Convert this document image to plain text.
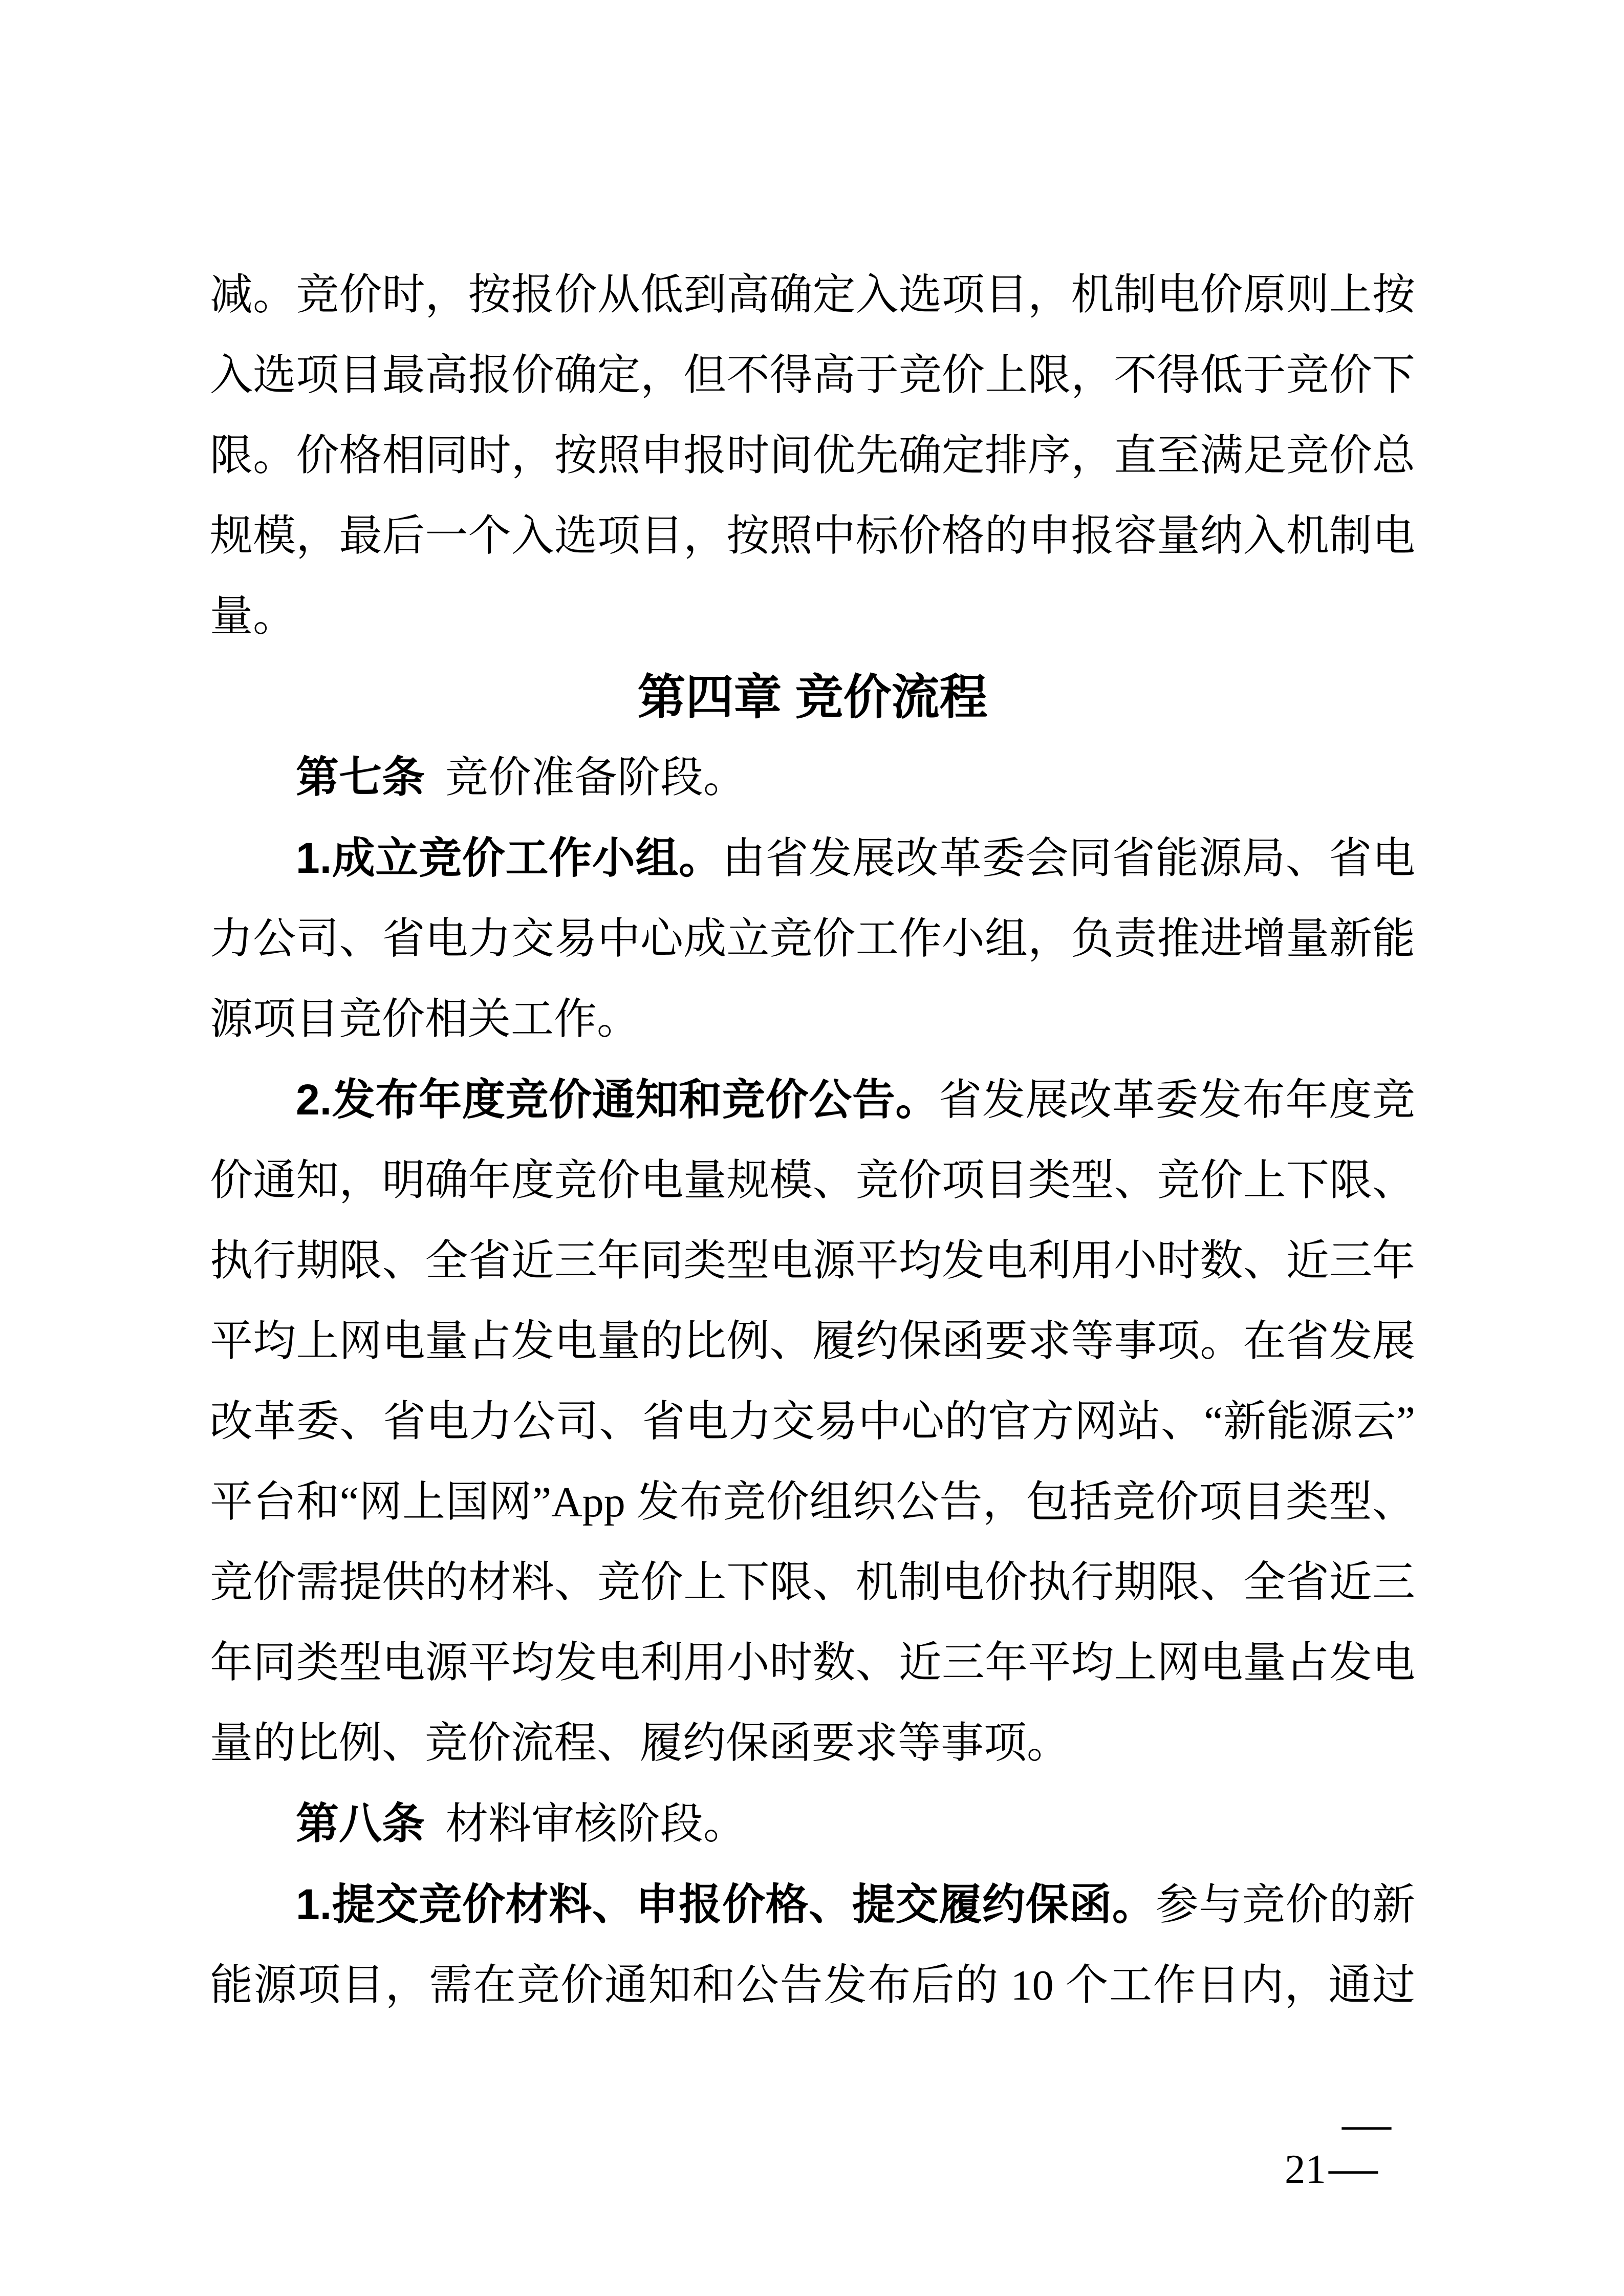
减。竞价时，按报价从低到高确定入选项目，机制电价原则上按
入选项目最高报价确定，但不得高于竞价上限，不得低于竞价下
限。价格相同时，按照申报时间优先确定排序，直至满足竞价总
规模，最后一个入选项目，按照中标价格的申报容量纳入机制电
量。
第四章 竞价流程
第七条 竞价准备阶段。
1.成立竞价工作小组。由省发展改革委会同省能源局、省电
力公司、省电力交易中心成立竞价工作小组，负责推进增量新能
源项目竞价相关工作。
2.发布年度竞价通知和竞价公告。省发展改革委发布年度竞
价通知，明确年度竞价电量规模、竞价项目类型、竞价上下限、
执行期限、全省近三年同类型电源平均发电利用小时数、近三年
平均上网电量占发电量的比例、履约保函要求等事项。在省发展
改革委、省电力公司、省电力交易中心的官方网站、“新能源云”
平台和“网上国网”App 发布竞价组织公告，包括竞价项目类型、
竞价需提供的材料、竞价上下限、机制电价执行期限、全省近三
年同类型电源平均发电利用小时数、近三年平均上网电量占发电
量的比例、竞价流程、履约保函要求等事项。
第八条 材料审核阶段。
1.提交竞价材料、申报价格、提交履约保函。参与竞价的新
能源项目，需在竞价通知和公告发布后的 10 个工作日内，通过
—
21 —
